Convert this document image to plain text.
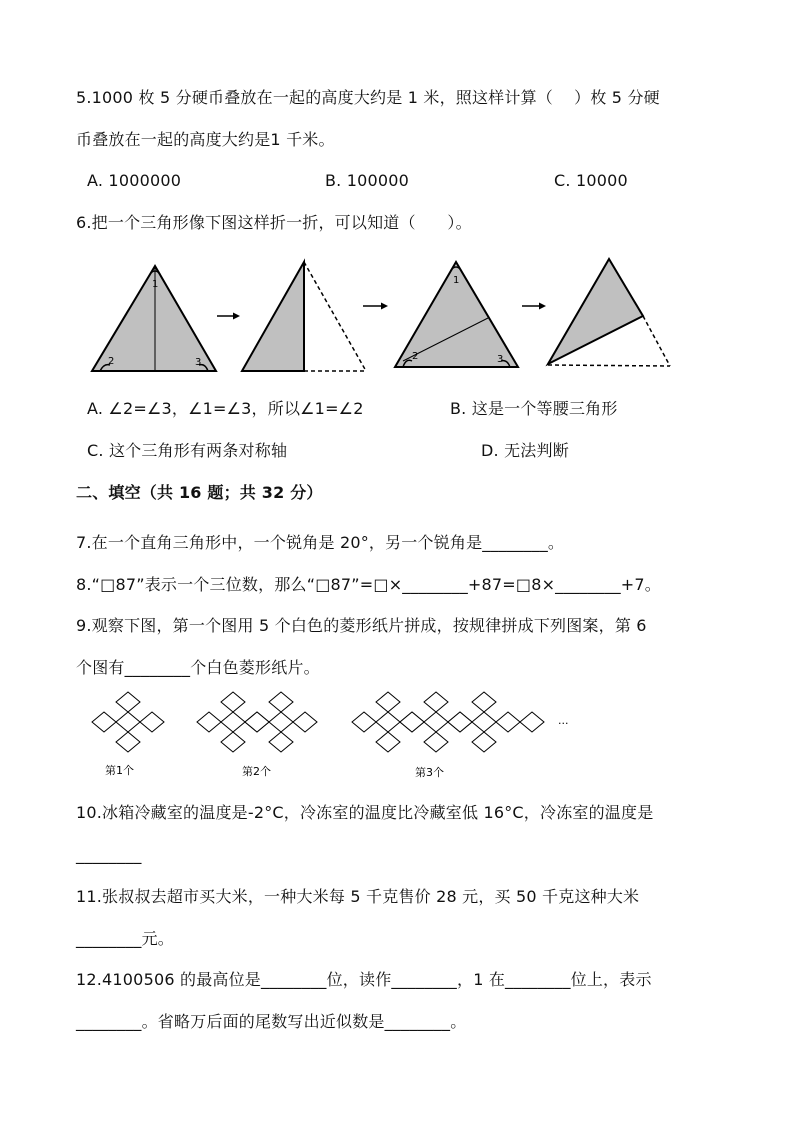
5.1000 枚 5 分硬币叠放在一起的高度大约是 1 米，照这样计算（    ）枚 5 分硬
币叠放在一起的高度大约是1 千米。
A. 1000000	B. 100000	C. 10000
6.把一个三角形像下图这样折一折，可以知道（      ）。
1
2	3
1
2	3
A. ∠2=∠3，∠1=∠3，所以∠1=∠2	B. 这是一个等腰三角形
C. 这个三角形有两条对称轴	D. 无法判断
二、填空（共 16 题；共 32 分）
7.在一个直角三角形中，一个锐角是 20°，另一个锐角是________。
8.“□87”表示一个三位数，那么“□87”=□×________+87=□8×________+7。
9.观察下图，第一个图用 5 个白色的菱形纸片拼成，按规律拼成下列图案，第 6
个图有________个白色菱形纸片。
第1个	第2个	第3个
...
10.冰箱冷藏室的温度是-2°C，冷冻室的温度比冷藏室低 16°C，冷冻室的温度是
________
11.张叔叔去超市买大米，一种大米每 5 千克售价 28 元，买 50 千克这种大米
________元。
12.4100506 的最高位是________位，读作________，1 在________位上，表示
________。省略万后面的尾数写出近似数是________。
